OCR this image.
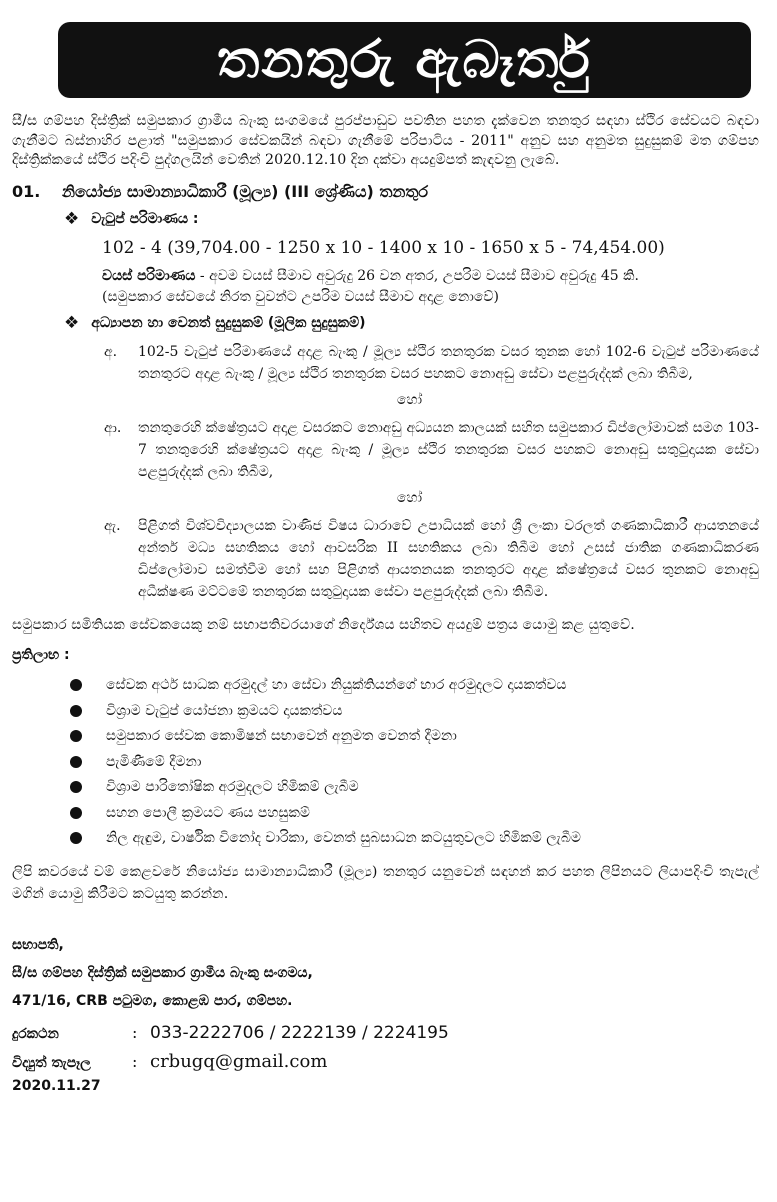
තනතුරු ඇබෑර්තු

සී/ස ගම්පහ දිස්ත්‍රික් සමුපකාර ග්‍රාමීය බැංකු සංගමයේ පුරප්පාඩුව පවතින පහත දැක්වෙන තනතුර සඳහා ස්ථිර සේවයට බඳවා ගැනීමට බස්නාහිර පළාත් "සමුපකාර සේවකයින් බඳවා ගැනීමේ පරිපාටිය - 2011" අනුව සහ අනුමත සුදුසුකම් මත ගම්පහ දිස්ත්‍රික්කයේ ස්ථිර පදිංචි පුද්ගලයින් වෙතින් 2020.12.10 දින දක්වා අයදුම්පත් කැඳවනු ලැබේ.

01.	නියෝජ්‍ය සාමාන්‍යාධිකාරී (මූල්‍ය) (III ශ්‍රේණිය) තනතුර
❖ වැටුප් පරිමාණය :
102 - 4 (39,704.00 - 1250 x 10 - 1400 x 10 - 1650 x 5 - 74,454.00)
වයස් පරිමාණය - අවම වයස් සීමාව අවුරුදු 26 වන අතර, උපරිම වයස් සීමාව අවුරුදු 45 කි.
(සමුපකාර සේවයේ නිරත වුවන්ට උපරිම වයස් සීමාව අදාළ නොවේ)
❖ අධ්‍යාපන හා වෙනත් සුදුසුකම් (මූලික සුදුසුකම්)
අ.	102-5 වැටුප් පරිමාණයේ අදාළ බැංකු / මූල්‍ය ස්ථිර තනතුරක වසර තුනක හෝ 102-6 වැටුප් පරිමාණයේ තනතුරට අදාළ බැංකු / මූල්‍ය ස්ථිර තනතුරක වසර පහකට නොඅඩු සේවා පළපුරුද්දක් ලබා තිබීම,
හෝ
ආ.	තනතුරෙහි ක්ෂේත්‍රයට අදාළ වසරකට නොඅඩු අධ්‍යයන කාලයක් සහිත සමුපකාර ඩිප්ලෝමාවක් සමග 103-7 තනතුරෙහි ක්ෂේත්‍රයට අදාළ බැංකු / මූල්‍ය ස්ථිර තනතුරක වසර පහකට නොඅඩු සතුටුදායක සේවා පළපුරුද්දක් ලබා තිබීම,
හෝ
ඇ.	පිළිගත් විශ්වවිද්‍යාලයක වාණිජ විෂය ධාරාවේ උපාධියක් හෝ ශ්‍රී ලංකා වරලත් ගණකාධිකාරී ආයතනයේ අන්තර් මධ්‍ය සහතිකය හෝ ආවසරික II සහතිකය ලබා තිබීම හෝ උසස් ජාතික ගණකාධිකරණ ඩිප්ලෝමාව සමත්වීම හෝ සහ පිළිගත් ආයතනයක තනතුරට අදාළ ක්ෂේත්‍රයේ වසර තුනකට නොඅඩු අධීක්ෂණ මට්ටමේ තනතුරක සතුටුදායක සේවා පළපුරුද්දක් ලබා තිබීම.

සමුපකාර සමිතියක සේවකයෙකු නම් සභාපතිවරයාගේ නිර්දේශය සහිතව අයදුම් පත්‍රය යොමු කළ යුතුවේ.

ප්‍රතිලාභ :
සේවක අර්ථ සාධක අරමුදල් හා සේවා නියුක්තියන්ගේ භාර අරමුදලට දායකත්වය
විශ්‍රාම වැටුප් යෝජනා ක්‍රමයට දායකත්වය
සමුපකාර සේවක කොමිෂන් සභාවෙන් අනුමත වෙනත් දීමනා
පැමිණීමේ දීමනා
විශ්‍රාම පාරිතෝෂික අරමුදලට හිමිකම් ලැබීම
සහන පොලී ක්‍රමයට ණය පහසුකම්
නිල ඇඳුම, වාර්ෂික විනෝද චාරිකා, වෙනත් සුබසාධන කටයුතුවලට හිමිකම් ලැබීම

ලිපි කවරයේ වම් කෙළවරේ නියෝජ්‍ය සාමාන්‍යාධිකාරී (මූල්‍ය) තනතුර යනුවෙන් සඳහන් කර පහත ලිපිනයට ලියාපදිංචි තැපැල් මගින් යොමු කිරීමට කටයුතු කරන්න.

සභාපති,
සී/ස ගම්පහ දිස්ත්‍රික් සමුපකාර ග්‍රාමීය බැංකු සංගමය,
471/16, CRB පටුමග, කොළඹ පාර, ගම්පහ.
දුරකථන	: 033-2222706 / 2222139 / 2224195
විද්‍යුත් තැපෑල	: crbugq@gmail.com
2020.11.27
